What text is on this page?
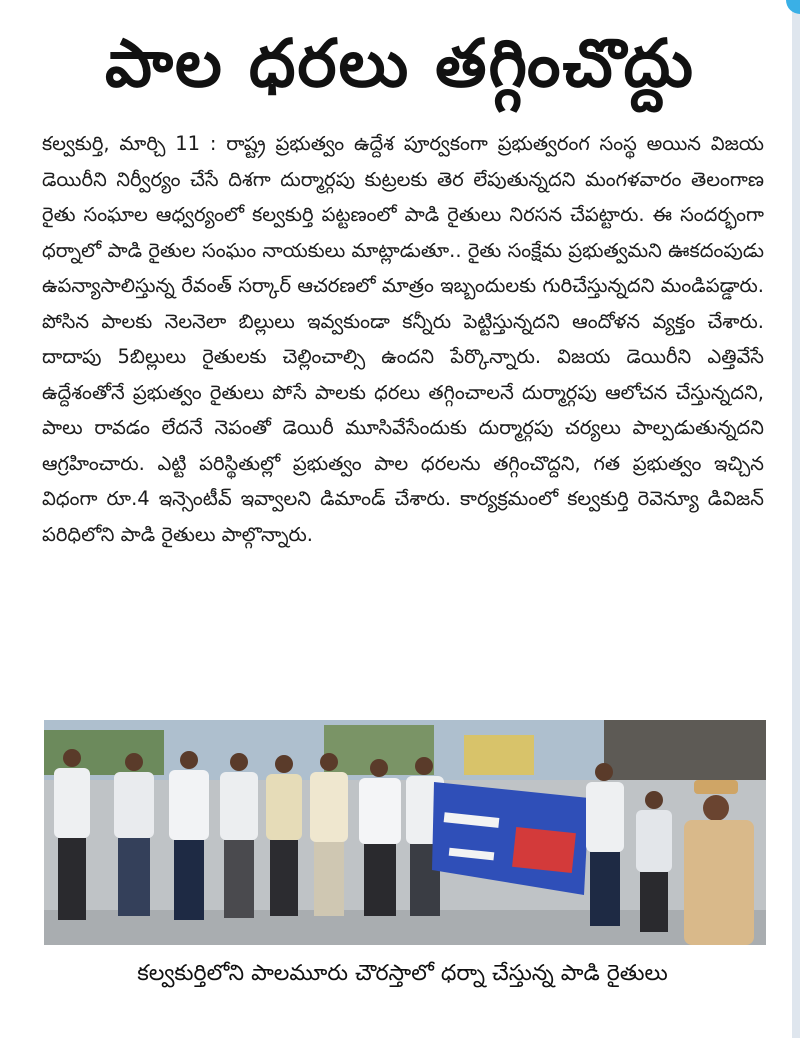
పాల ధరలు తగ్గించొద్దు
కల్వకుర్తి, మార్చి 11 : రాష్ట్ర ప్రభుత్వం ఉద్దేశ పూర్వకంగా ప్రభుత్వరంగ సంస్థ అయిన విజయ డెయిరీని నిర్వీర్యం చేసే దిశగా దుర్మార్గపు కుట్రలకు తెర లేపుతున్నదని మంగళవారం తెలంగాణ రైతు సంఘాల ఆధ్వర్యంలో కల్వకుర్తి పట్టణంలో పాడి రైతులు నిరసన చేపట్టారు. ఈ సందర్భంగా ధర్నాలో పాడి రైతుల సంఘం నాయకులు మాట్లాడుతూ.. రైతు సంక్షేమ ప్రభుత్వమని ఊకదంపుడు ఉపన్యాసాలిస్తున్న రేవంత్ సర్కార్ ఆచరణలో మాత్రం ఇబ్బందులకు గురిచేస్తున్నదని మండిపడ్డారు. పోసిన పాలకు నెలనెలా బిల్లులు ఇవ్వకుండా కన్నీరు పెట్టిస్తున్నదని ఆందోళన వ్యక్తం చేశారు. దాదాపు 5బిల్లులు రైతులకు చెల్లించాల్సి ఉందని పేర్కొన్నారు. విజయ డెయిరీని ఎత్తివేసే ఉద్దేశంతోనే ప్రభుత్వం రైతులు పోసే పాలకు ధరలు తగ్గించాలనే దుర్మార్గపు ఆలోచన చేస్తున్నదని, పాలు రావడం లేదనే నెపంతో డెయిరీ మూసివేసేందుకు దుర్మార్గపు చర్యలు పాల్పడుతున్నదని ఆగ్రహించారు. ఎట్టి పరిస్థితుల్లో ప్రభుత్వం పాల ధరలను తగ్గించొద్దని, గత ప్రభుత్వం ఇచ్చిన విధంగా రూ.4 ఇన్సెంటీవ్ ఇవ్వాలని డిమాండ్ చేశారు. కార్యక్రమంలో కల్వకుర్తి రెవెన్యూ డివిజన్ పరిధిలోని పాడి రైతులు పాల్గొన్నారు.
కల్వకుర్తిలోని పాలమూరు చౌరస్తాలో ధర్నా చేస్తున్న పాడి రైతులు
